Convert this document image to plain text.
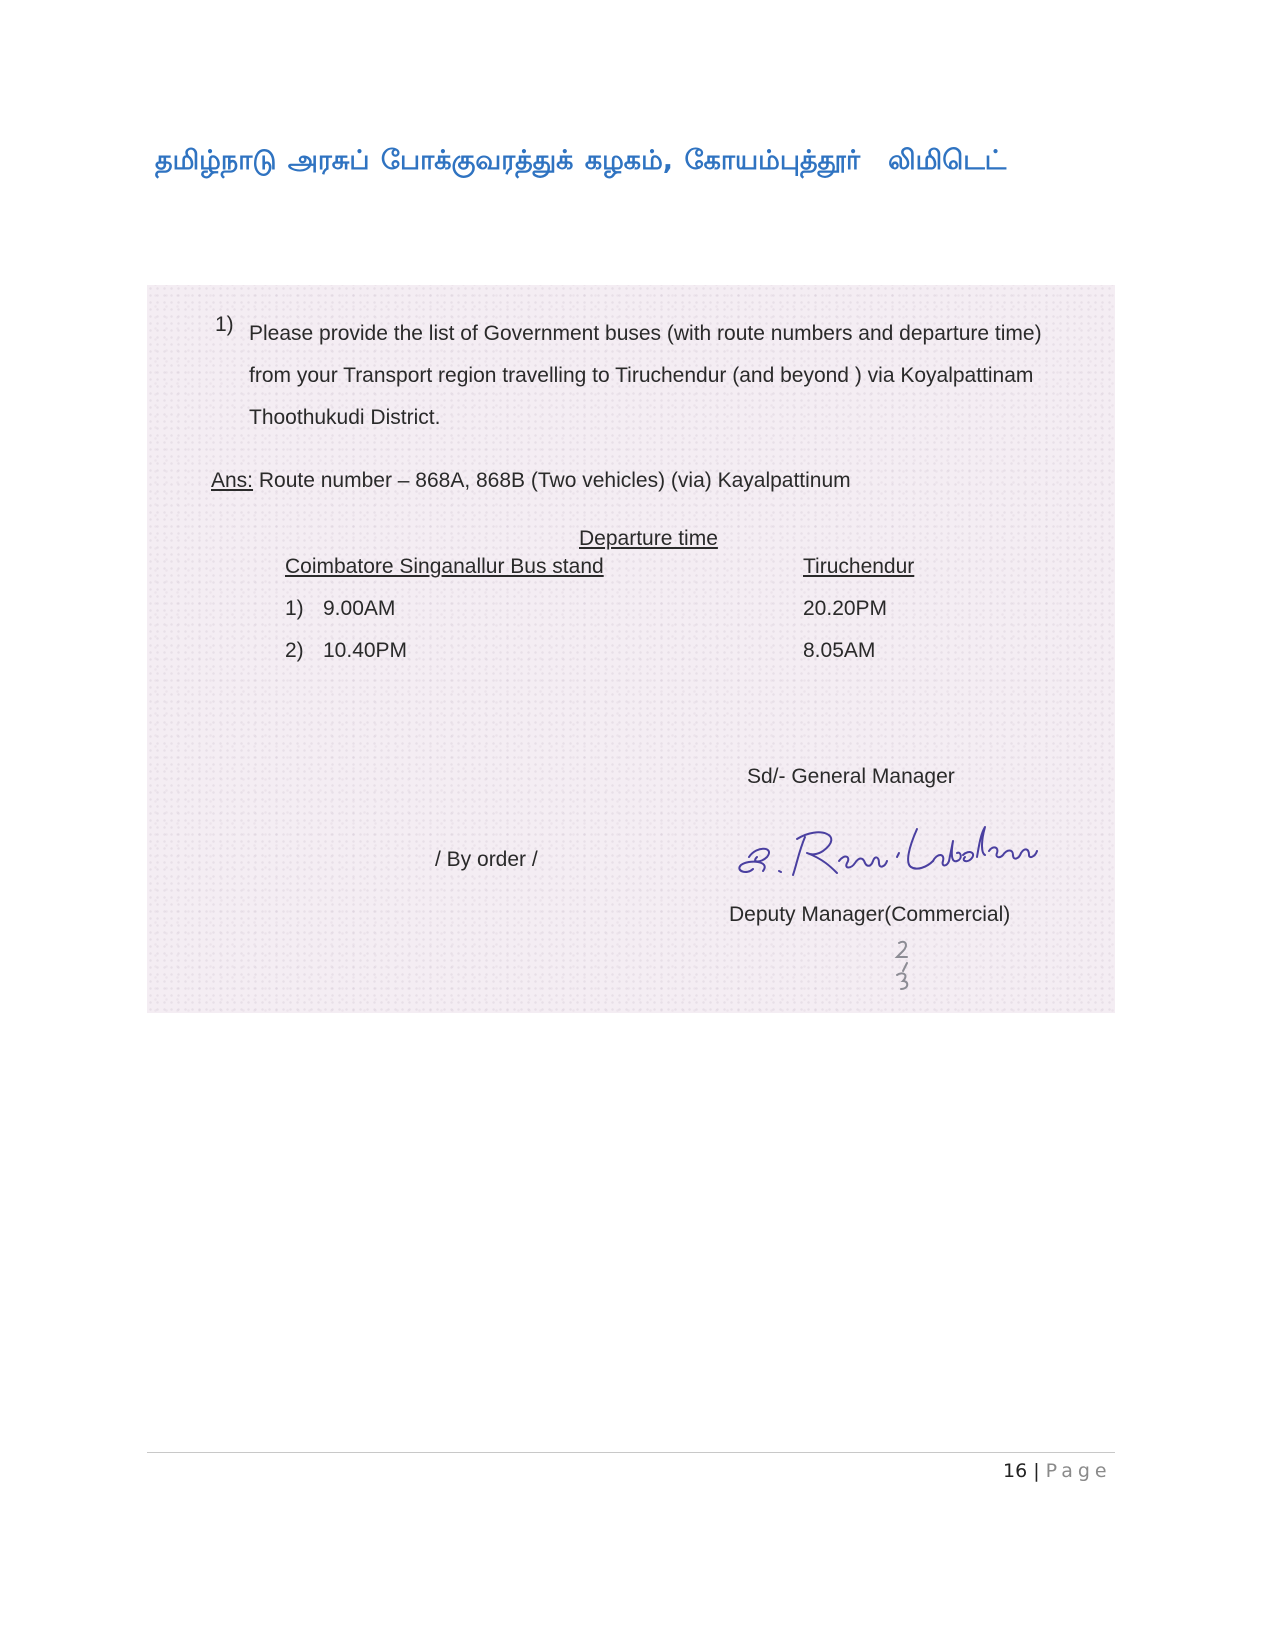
தமிழ்நாடு அரசுப் போக்குவரத்துக் கழகம், கோயம்புத்தூர் லிமிடெட்
1) Please provide the list of Government buses (with route numbers and departure time) from your Transport region travelling to Tiruchendur (and beyond ) via Koyalpattinam Thoothukudi District.
Ans: Route number – 868A, 868B (Two vehicles) (via) Kayalpattinum
Departure time
Coimbatore Singanallur Bus stand	Tiruchendur
1) 9.00AM	20.20PM
2) 10.40PM	8.05AM
Sd/- General Manager
/ By order /
Deputy Manager(Commercial)
16 | Page
